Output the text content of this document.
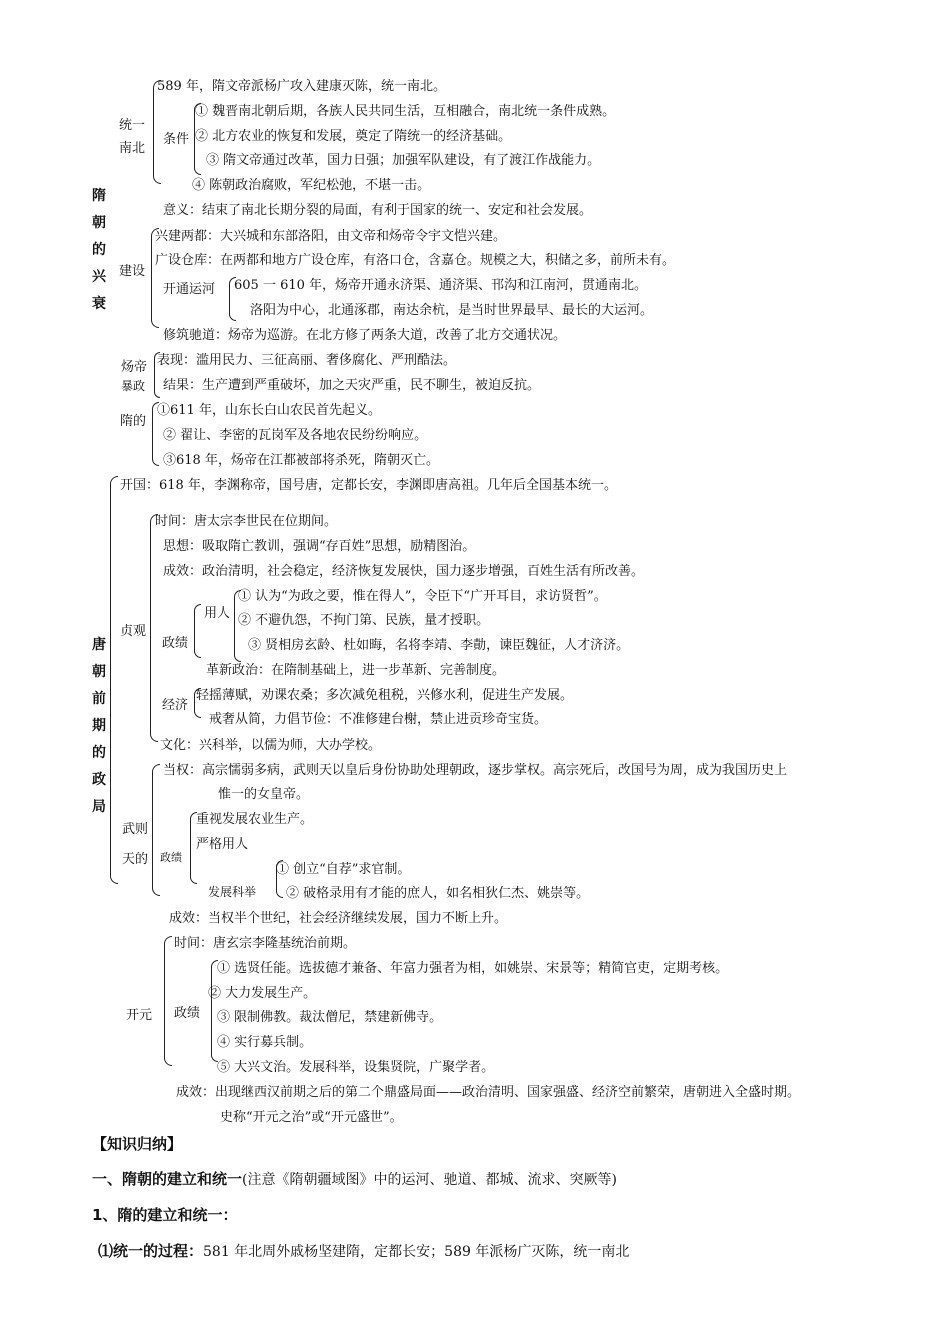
隋朝的兴衰
唐朝前期的政局
统一
南北
条件
建设
开通运河
炀帝
暴政
隋的
贞观
用人
政绩
经济
武则
天的 政绩
发展科举
开元 政绩
589 年，隋文帝派杨广攻入建康灭陈，统一南北。
① 魏晋南北朝后期，各族人民共同生活，互相融合，南北统一条件成熟。
② 北方农业的恢复和发展，奠定了隋统一的经济基础。
③ 隋文帝通过改革，国力日强；加强军队建设，有了渡江作战能力。
④ 陈朝政治腐败，军纪松弛，不堪一击。
意义：结束了南北长期分裂的局面，有利于国家的统一、安定和社会发展。
兴建两都：大兴城和东部洛阳，由文帝和炀帝令宇文恺兴建。
广设仓库：在两都和地方广设仓库，有洛口仓，含嘉仓。规模之大，积储之多，前所未有。
605 一 610 年，炀帝开通永济渠、通济渠、邗沟和江南河，贯通南北。
洛阳为中心，北通涿郡，南达余杭，是当时世界最早、最长的大运河。
修筑驰道：炀帝为巡游。在北方修了两条大道，改善了北方交通状况。
表现：滥用民力、三征高丽、奢侈腐化、严刑酷法。
结果：生产遭到严重破坏，加之天灾严重，民不聊生，被迫反抗。
①611 年，山东长白山农民首先起义。
② 翟让、李密的瓦岗军及各地农民纷纷响应。
③618 年，炀帝在江都被部将杀死，隋朝灭亡。
开国：618 年，李渊称帝，国号唐，定都长安，李渊即唐高祖。几年后全国基本统一。
时间：唐太宗李世民在位期间。
思想：吸取隋亡教训，强调“存百姓”思想，励精图治。
成效：政治清明，社会稳定，经济恢复发展快，国力逐步增强，百姓生活有所改善。
① 认为“为政之要，惟在得人”，令臣下“广开耳目，求访贤哲”。
② 不避仇怨，不拘门第、民族，量才授职。
③ 贤相房玄龄、杜如晦，名将李靖、李勣，谏臣魏征，人才济济。
革新政治：在隋制基础上，进一步革新、完善制度。
轻摇薄赋，劝课农桑；多次减免租税，兴修水利，促进生产发展。
戒奢从简，力倡节俭：不准修建台榭，禁止进贡珍奇宝货。
文化：兴科举，以儒为师，大办学校。
当权：高宗懦弱多病，武则天以皇后身份协助处理朝政，逐步掌权。高宗死后，改国号为周，成为我国历史上
惟一的女皇帝。
重视发展农业生产。
严格用人
① 创立“自荐”求官制。
② 破格录用有才能的庶人，如名相狄仁杰、姚崇等。
成效：当权半个世纪，社会经济继续发展，国力不断上升。
时间：唐玄宗李隆基统治前期。
① 选贤任能。选拔德才兼备、年富力强者为相，如姚崇、宋景等；精简官吏，定期考核。
② 大力发展生产。
③ 限制佛教。裁汰僧尼，禁建新佛寺。
④ 实行募兵制。
⑤ 大兴文治。发展科举，设集贤院，广聚学者。
成效：出现继西汉前期之后的第二个鼎盛局面——政治清明、国家强盛、经济空前繁荣，唐朝进入全盛时期。
史称“开元之治”或“开元盛世”。
【知识归纳】
一、隋朝的建立和统一(注意《隋朝疆域图》中的运河、驰道、都城、流求、突厥等)
1、隋的建立和统一：
⑴统一的过程：581 年北周外戚杨坚建隋，定都长安；589 年派杨广灭陈，统一南北
